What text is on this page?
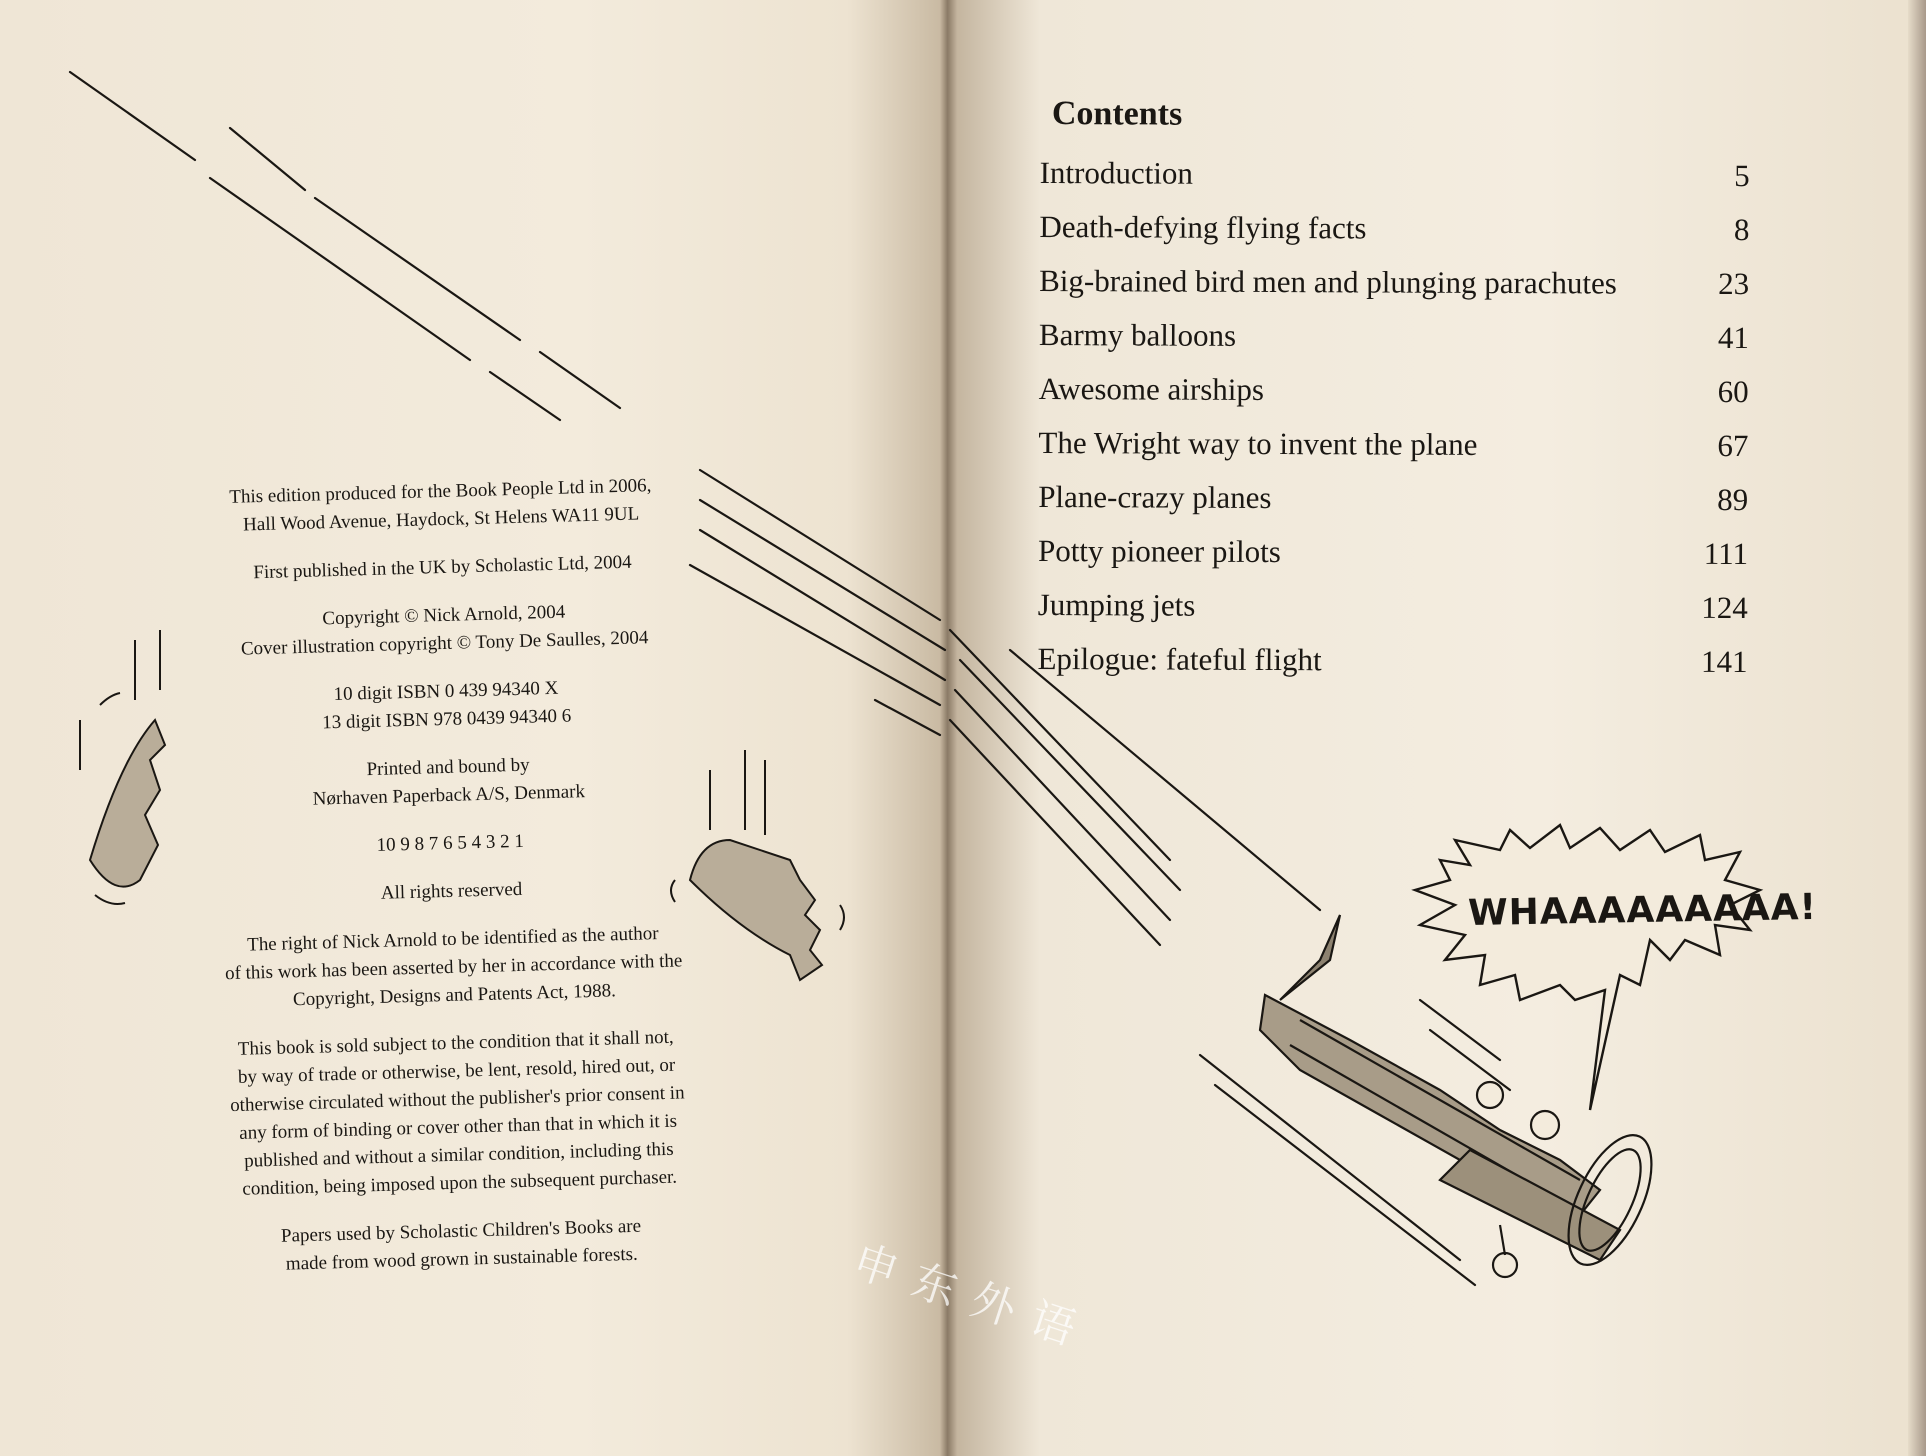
WHAAAAAAAAA!
This edition produced for the Book People Ltd in 2006,
Hall Wood Avenue, Haydock, St Helens WA11 9UL
First published in the UK by Scholastic Ltd, 2004
Copyright © Nick Arnold, 2004
Cover illustration copyright © Tony De Saulles, 2004
10 digit ISBN 0 439 94340 X
13 digit ISBN 978 0439 94340 6
Printed and bound by
Nørhaven Paperback A/S, Denmark
10 9 8 7 6 5 4 3 2 1
All rights reserved
The right of Nick Arnold to be identified as the author
of this work has been asserted by her in accordance with the
Copyright, Designs and Patents Act, 1988.
This book is sold subject to the condition that it shall not,
by way of trade or otherwise, be lent, resold, hired out, or
otherwise circulated without the publisher's prior consent in
any form of binding or cover other than that in which it is
published and without a similar condition, including this
condition, being imposed upon the subsequent purchaser.
Papers used by Scholastic Children's Books are
made from wood grown in sustainable forests.
Contents
Introduction	5
Death-defying flying facts	8
Big-brained bird men and plunging parachutes	23
Barmy balloons	41
Awesome airships	60
The Wright way to invent the plane	67
Plane-crazy planes	89
Potty pioneer pilots	111
Jumping jets	124
Epilogue: fateful flight	141
申东外语
